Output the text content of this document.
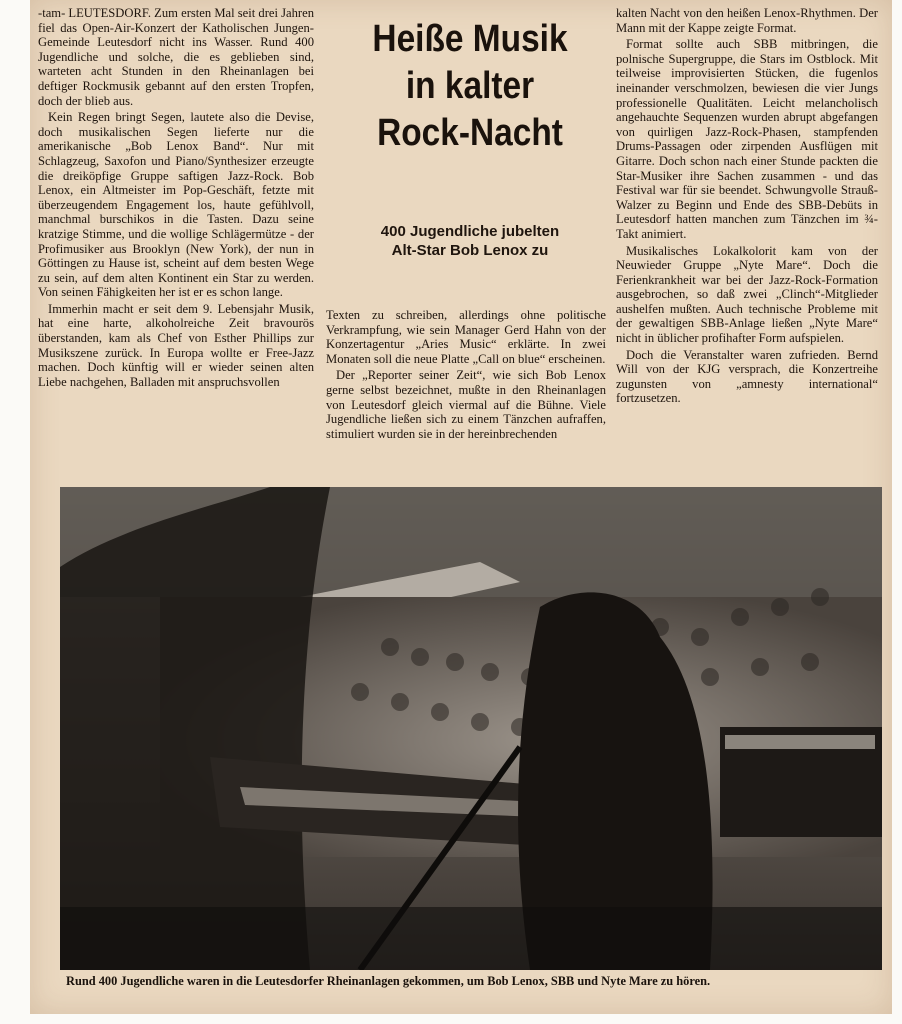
-tam- LEUTESDORF. Zum ersten Mal seit drei Jahren fiel das Open-Air-Konzert der Katholischen Jungen-Gemeinde Leutesdorf nicht ins Wasser. Rund 400 Jugendliche und solche, die es geblieben sind, warteten acht Stunden in den Rheinanlagen bei deftiger Rockmusik gebannt auf den ersten Tropfen, doch der blieb aus.

Kein Regen bringt Segen, lautete also die Devise, doch musikalischen Segen lieferte nur die amerikanische „Bob Lenox Band“. Nur mit Schlagzeug, Saxofon und Piano/Synthesizer erzeugte die dreiköpfige Gruppe saftigen Jazz-Rock. Bob Lenox, ein Altmeister im Pop-Geschäft, fetzte mit überzeugendem Engagement los, haute gefühlvoll, manchmal burschikos in die Tasten. Dazu seine kratzige Stimme, und die wollige Schlägermütze - der Profimusiker aus Brooklyn (New York), der nun in Göttingen zu Hause ist, scheint auf dem besten Wege zu sein, auf dem alten Kontinent ein Star zu werden. Von seinen Fähigkeiten her ist er es schon lange.

Immerhin macht er seit dem 9. Lebensjahr Musik, hat eine harte, alkoholreiche Zeit bravourös überstanden, kam als Chef von Esther Phillips zur Musikszene zurück. In Europa wollte er Free-Jazz machen. Doch künftig will er wieder seinen alten Liebe nachgehen, Balladen mit anspruchsvollen

Heiße Musik
in kalter
Rock-Nacht
400 Jugendliche jubelten
Alt-Star Bob Lenox zu

Texten zu schreiben, allerdings ohne politische Verkrampfung, wie sein Manager Gerd Hahn von der Konzertagentur „Aries Music“ erklärte. In zwei Monaten soll die neue Platte „Call on blue“ erscheinen.

Der „Reporter seiner Zeit“, wie sich Bob Lenox gerne selbst bezeichnet, mußte in den Rheinanlagen von Leutesdorf gleich viermal auf die Bühne. Viele Jugendliche ließen sich zu einem Tänzchen aufraffen, stimuliert wurden sie in der hereinbrechenden

kalten Nacht von den heißen Lenox-Rhythmen. Der Mann mit der Kappe zeigte Format.

Format sollte auch SBB mitbringen, die polnische Supergruppe, die Stars im Ostblock. Mit teilweise improvisierten Stücken, die fugenlos ineinander verschmolzen, bewiesen die vier Jungs professionelle Qualitäten. Leicht melancholisch angehauchte Sequenzen wurden abrupt abgefangen von quirligen Jazz-Rock-Phasen, stampfenden Drums-Passagen oder zirpenden Ausflügen mit Gitarre. Doch schon nach einer Stunde packten die Star-Musiker ihre Sachen zusammen - und das Festival war für sie beendet. Schwungvolle Strauß-Walzer zu Beginn und Ende des SBB-Debüts in Leutesdorf hatten manchen zum Tänzchen im ¾-Takt animiert.

Musikalisches Lokalkolorit kam von der Neuwieder Gruppe „Nyte Mare“. Doch die Ferienkrankheit war bei der Jazz-Rock-Formation ausgebrochen, so daß zwei „Clinch“-Mitglieder aushelfen mußten. Auch technische Probleme mit der gewaltigen SBB-Anlage ließen „Nyte Mare“ nicht in üblicher profihafter Form aufspielen.

Doch die Veranstalter waren zufrieden. Bernd Will von der KJG versprach, die Konzertreihe zugunsten von „amnesty international“ fortzusetzen.

Rund 400 Jugendliche waren in die Leutesdorfer Rheinanlagen gekommen, um Bob Lenox, SBB und Nyte Mare zu hören.
